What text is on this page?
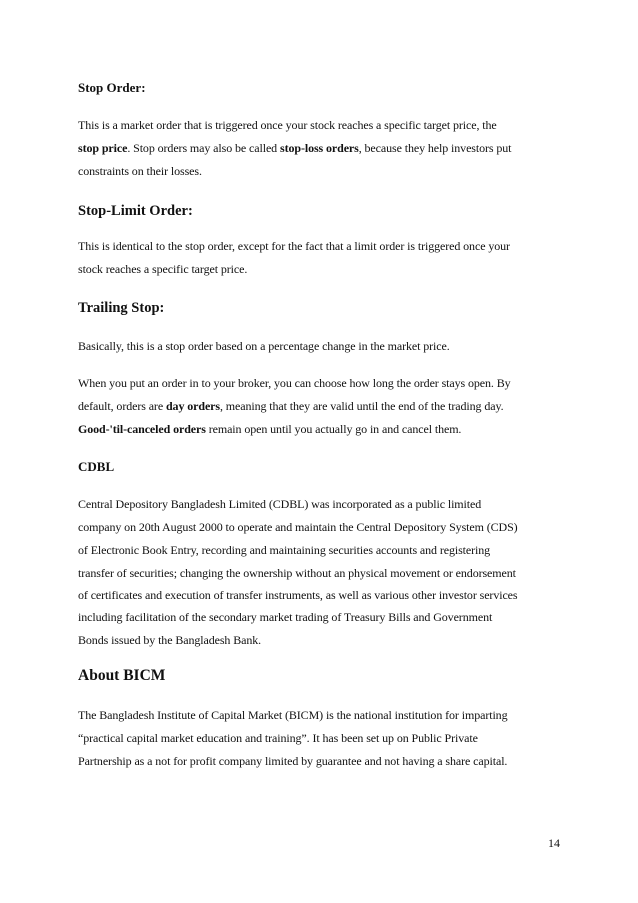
Stop Order:
This is a market order that is triggered once your stock reaches a specific target price, the
stop price. Stop orders may also be called stop-loss orders, because they help investors put
constraints on their losses.
Stop-Limit Order:
This is identical to the stop order, except for the fact that a limit order is triggered once your
stock reaches a specific target price.
Trailing Stop:
Basically, this is a stop order based on a percentage change in the market price.
When you put an order in to your broker, you can choose how long the order stays open. By
default, orders are day orders, meaning that they are valid until the end of the trading day.
Good-'til-canceled orders remain open until you actually go in and cancel them.
CDBL
Central Depository Bangladesh Limited (CDBL) was incorporated as a public limited
company on 20th August 2000 to operate and maintain the Central Depository System (CDS)
of Electronic Book Entry, recording and maintaining securities accounts and registering
transfer of securities; changing the ownership without an physical movement or endorsement
of certificates and execution of transfer instruments, as well as various other investor services
including facilitation of the secondary market trading of Treasury Bills and Government
Bonds issued by the Bangladesh Bank.
About BICM
The Bangladesh Institute of Capital Market (BICM) is the national institution for imparting
“practical capital market education and training”. It has been set up on Public Private
Partnership as a not for profit company limited by guarantee and not having a share capital.
14
